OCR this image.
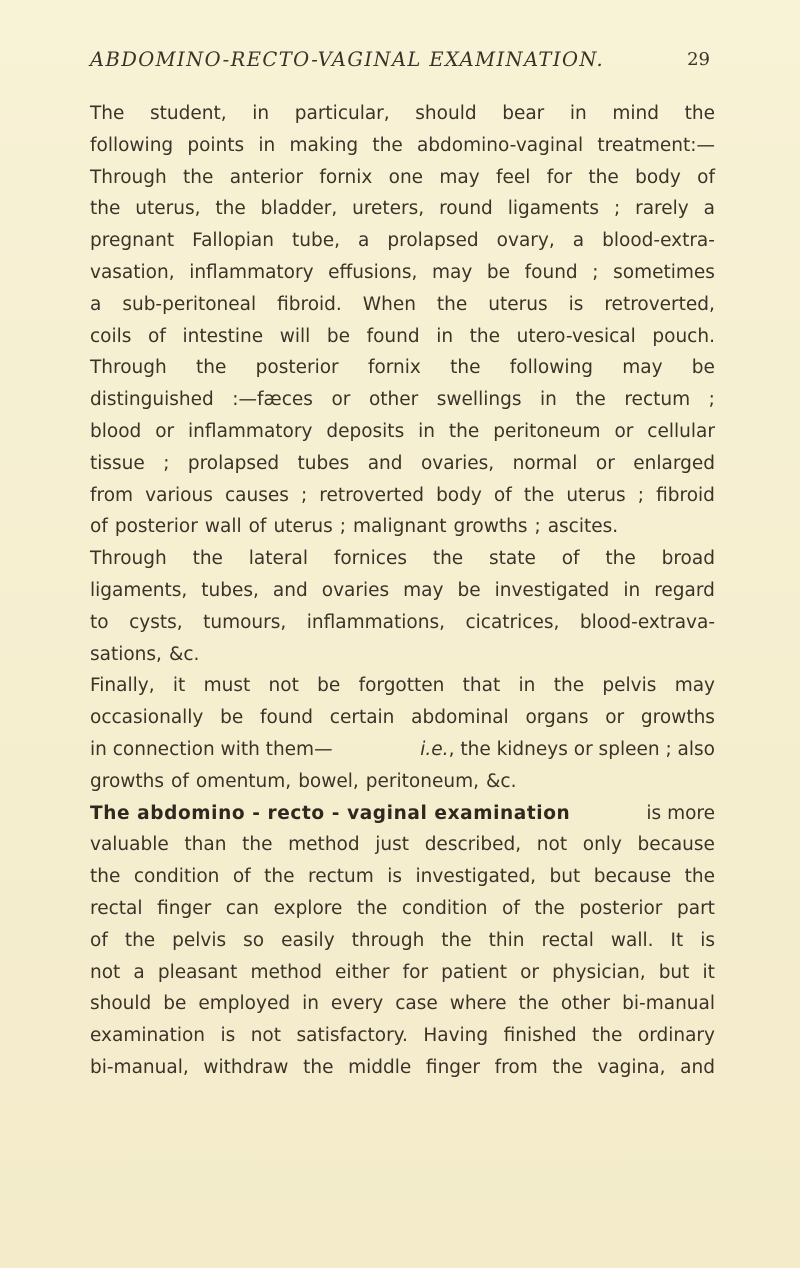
ABDOMINO-RECTO-VAGINAL EXAMINATION.	29
The student, in particular, should bear in mind the
following points in making the abdomino-vaginal treatment:—
Through the anterior fornix one may feel for the body of
the uterus, the bladder, ureters, round ligaments ; rarely a
pregnant Fallopian tube, a prolapsed ovary, a blood-extra-
vasation, inflammatory effusions, may be found ; sometimes
a sub-peritoneal fibroid. When the uterus is retroverted,
coils of intestine will be found in the utero-vesical pouch.
Through the posterior fornix the following may be
distinguished :—fæces or other swellings in the rectum ;
blood or inflammatory deposits in the peritoneum or cellular
tissue ; prolapsed tubes and ovaries, normal or enlarged
from various causes ; retroverted body of the uterus ; fibroid
of posterior wall of uterus ; malignant growths ; ascites.
Through the lateral fornices the state of the broad
ligaments, tubes, and ovaries may be investigated in regard
to cysts, tumours, inflammations, cicatrices, blood-extrava-
sations, &c.
Finally, it must not be forgotten that in the pelvis may
occasionally be found certain abdominal organs or growths
in connection with them—	i.e., the kidneys or spleen ; also
growths of omentum, bowel, peritoneum, &c.
The abdomino - recto - vaginal examination	is more
valuable than the method just described, not only because
the condition of the rectum is investigated, but because the
rectal finger can explore the condition of the posterior part
of the pelvis so easily through the thin rectal wall. It is
not a pleasant method either for patient or physician, but it
should be employed in every case where the other bi-manual
examination is not satisfactory. Having finished the ordinary
bi-manual, withdraw the middle finger from the vagina, and
